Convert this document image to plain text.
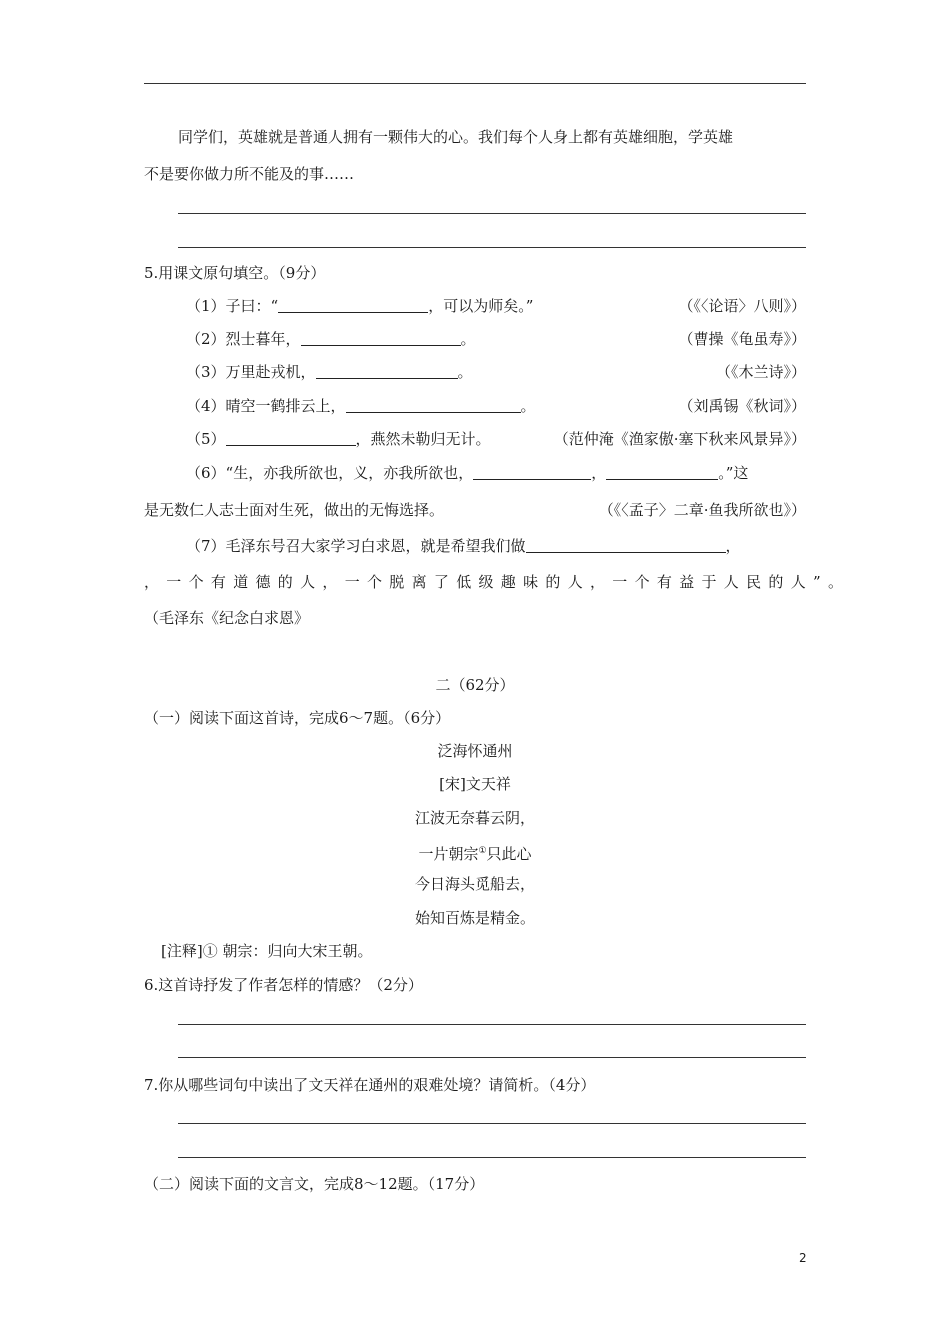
同学们，英雄就是普通人拥有一颗伟大的心。我们每个人身上都有英雄细胞，学英雄
不是要你做力所不能及的事……
5.用课文原句填空。（9分）
（1）子曰：“	，可以为师矣。”	（《〈论语〉八则》）
（2）烈士暮年，	。	（曹操《龟虽寿》）
（3）万里赴戎机，	。	（《木兰诗》）
（4）晴空一鹤排云上，	。	（刘禹锡《秋词》）
（5）	，燕然未勒归无计。	（范仲淹《渔家傲·塞下秋来风景异》）
（6）“生，亦我所欲也，义，亦我所欲也，	，	。”这
是无数仁人志士面对生死，做出的无悔选择。	（《〈孟子〉二章·鱼我所欲也》）
（7）毛泽东号召大家学习白求恩，就是希望我们做	，
，一个有道德的人，一个脱离了低级趣味的人，一个有益于人民的人”。
（毛泽东《纪念白求恩》
二（62分）
（一）阅读下面这首诗，完成6～7题。（6分）
泛海怀通州
[宋]文天祥
江波无奈暮云阴，
一片朝宗①只此心
今日海头觅船去，
始知百炼是精金。
[注释]① 朝宗：归向大宋王朝。
6.这首诗抒发了作者怎样的情感？（2分）
7.你从哪些词句中读出了文天祥在通州的艰难处境？请简析。（4分）
（二）阅读下面的文言文，完成8～12题。（17分）
2
